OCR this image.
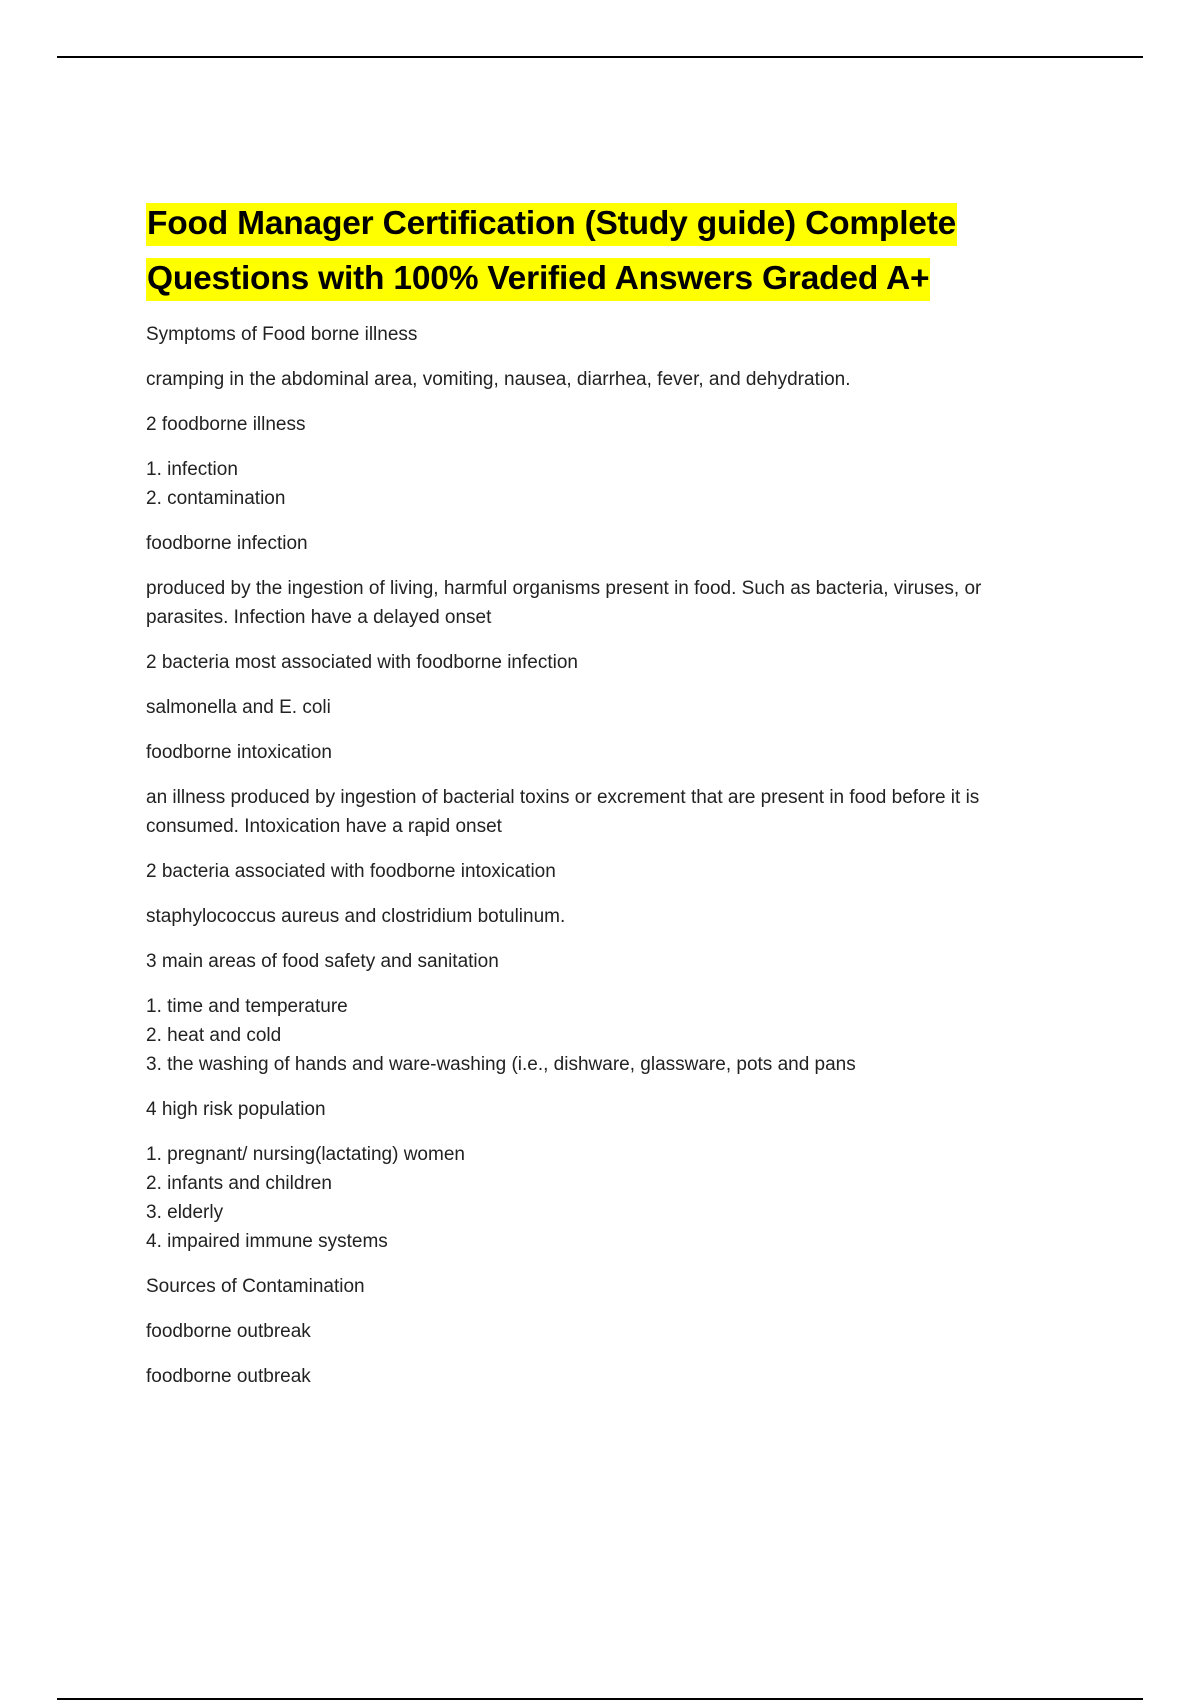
Food Manager Certification (Study guide) Complete
Questions with 100% Verified Answers Graded A+

Symptoms of Food borne illness

cramping in the abdominal area, vomiting, nausea, diarrhea, fever, and dehydration.

2 foodborne illness

1. infection
2. contamination

foodborne infection

produced by the ingestion of living, harmful organisms present in food. Such as bacteria, viruses, or
parasites. Infection have a delayed onset

2 bacteria most associated with foodborne infection

salmonella and E. coli

foodborne intoxication

an illness produced by ingestion of bacterial toxins or excrement that are present in food before it is
consumed. Intoxication have a rapid onset

2 bacteria associated with foodborne intoxication

staphylococcus aureus and clostridium botulinum.

3 main areas of food safety and sanitation

1. time and temperature
2. heat and cold
3. the washing of hands and ware-washing (i.e., dishware, glassware, pots and pans

4 high risk population

1. pregnant/ nursing(lactating) women
2. infants and children
3. elderly
4. impaired immune systems

Sources of Contamination

foodborne outbreak

foodborne outbreak
